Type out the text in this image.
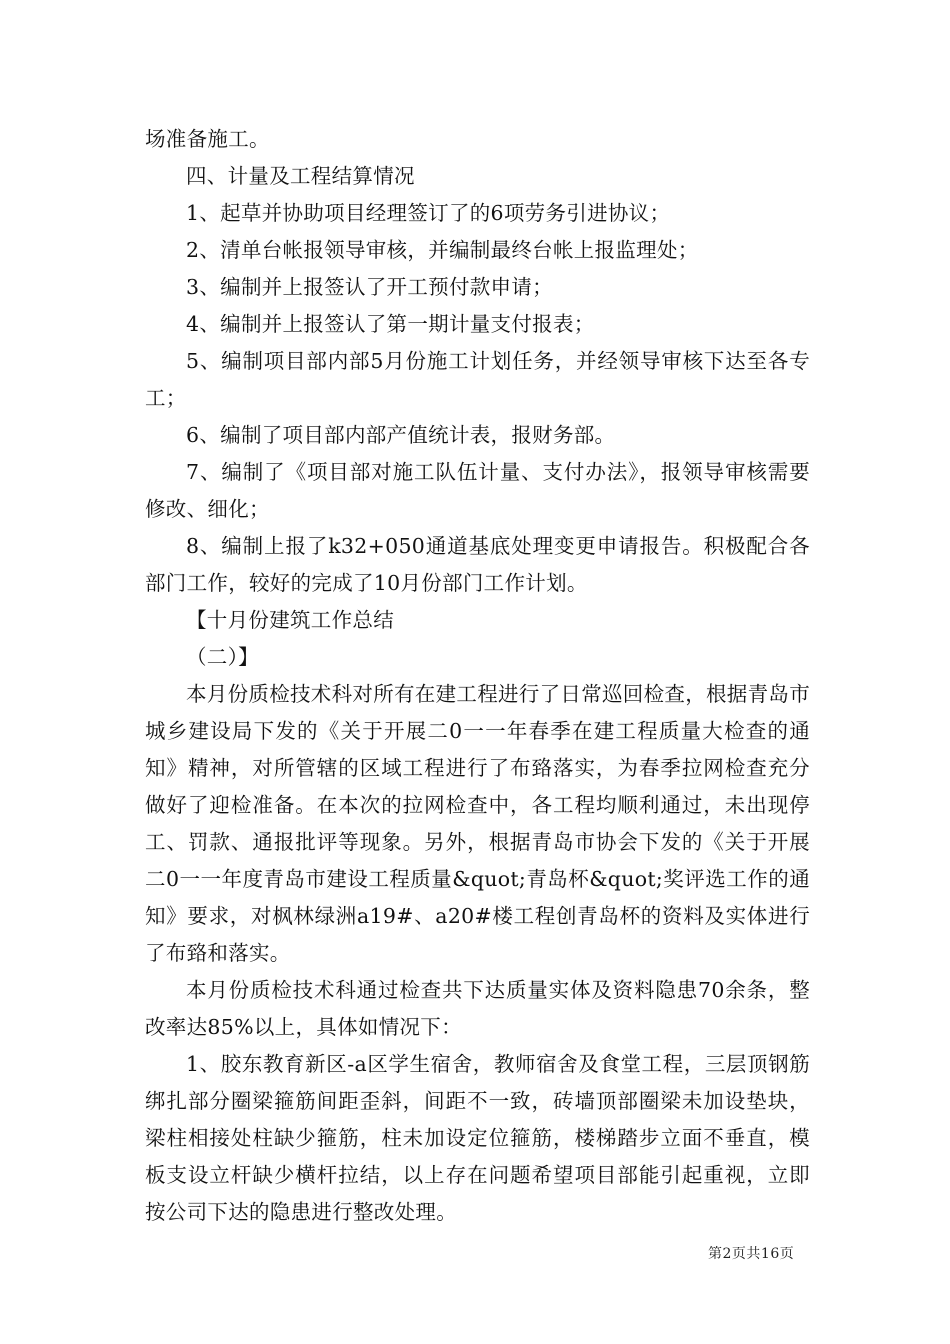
场准备施工。

四、计量及工程结算情况

1、起草并协助项目经理签订了的6项劳务引进协议；

2、清单台帐报领导审核，并编制最终台帐上报监理处；

3、编制并上报签认了开工预付款申请；

4、编制并上报签认了第一期计量支付报表；

5、编制项目部内部5月份施工计划任务，并经领导审核下达至各专工；

6、编制了项目部内部产值统计表，报财务部。

7、编制了《项目部对施工队伍计量、支付办法》，报领导审核需要修改、细化；

8、编制上报了k32+050通道基底处理变更申请报告。积极配合各部门工作，较好的完成了10月份部门工作计划。

【十月份建筑工作总结

（二）】

本月份质检技术科对所有在建工程进行了日常巡回检查，根据青岛市城乡建设局下发的《关于开展二0一一年春季在建工程质量大检查的通知》精神，对所管辖的区域工程进行了布臵落实，为春季拉网检查充分做好了迎检准备。在本次的拉网检查中，各工程均顺利通过，未出现停工、罚款、通报批评等现象。另外，根据青岛市协会下发的《关于开展二0一一年度青岛市建设工程质量&quot;青岛杯&quot;奖评选工作的通知》要求，对枫林绿洲a19#、a20#楼工程创青岛杯的资料及实体进行了布臵和落实。

本月份质检技术科通过检查共下达质量实体及资料隐患70余条，整改率达85%以上，具体如情况下：

1、胶东教育新区-a区学生宿舍，教师宿舍及食堂工程，三层顶钢筋绑扎部分圈梁箍筋间距歪斜，间距不一致，砖墙顶部圈梁未加设垫块，梁柱相接处柱缺少箍筋，柱未加设定位箍筋，楼梯踏步立面不垂直，模板支设立杆缺少横杆拉结，以上存在问题希望项目部能引起重视，立即按公司下达的隐患进行整改处理。

第2页共16页
